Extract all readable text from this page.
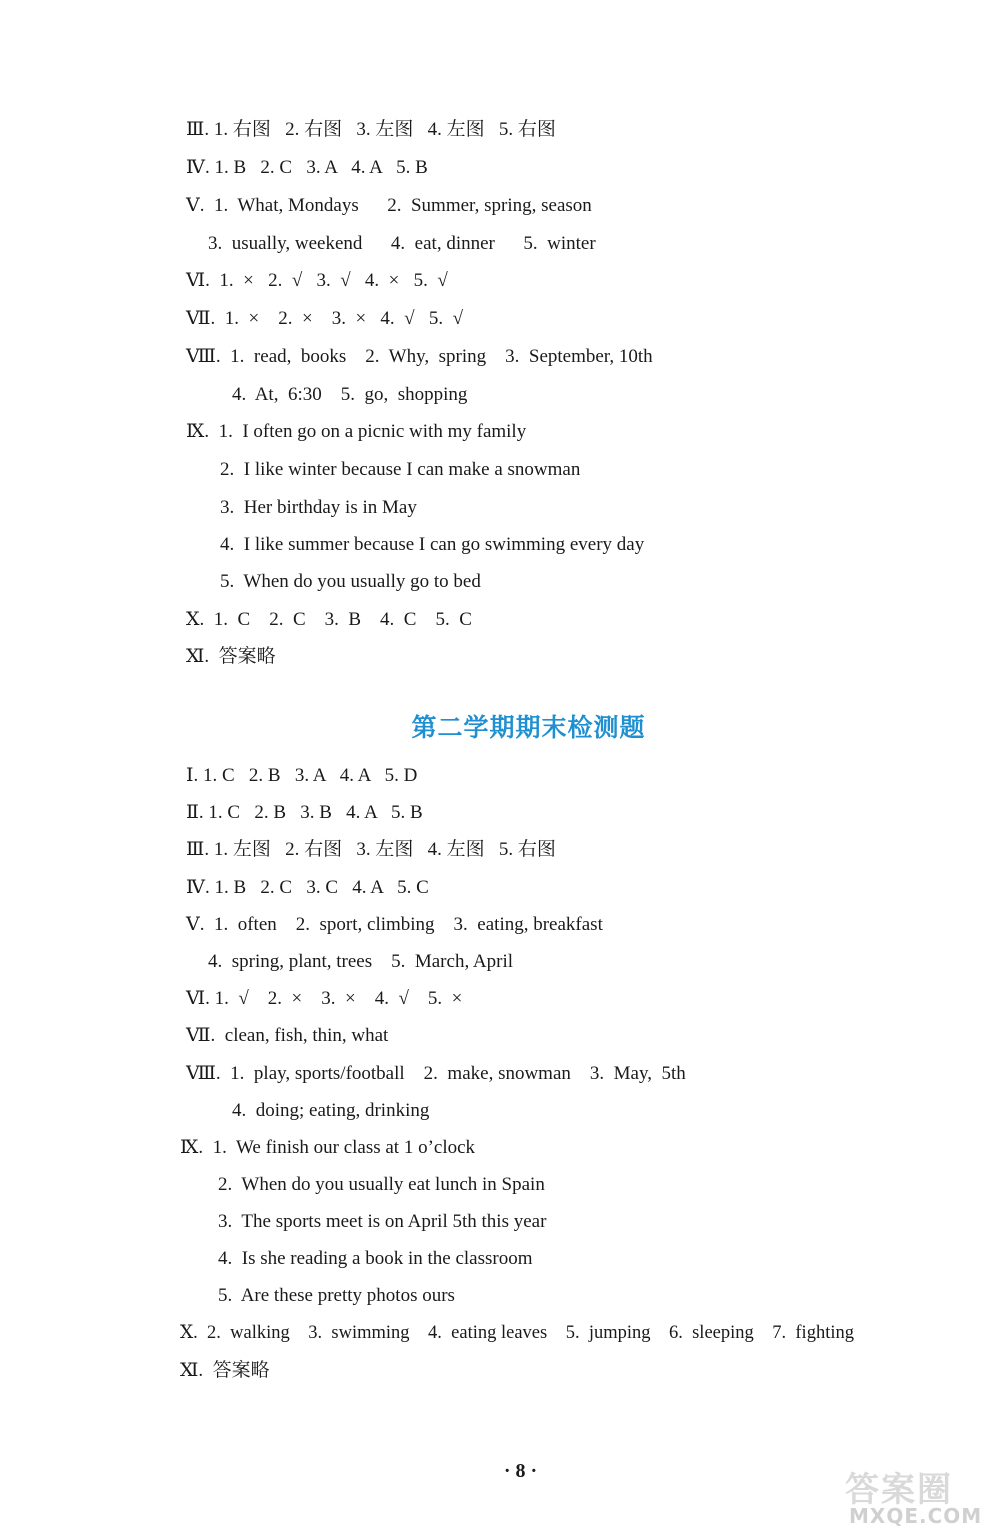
Ⅲ. 1. 右图   2. 右图   3. 左图   4. 左图   5. 右图
Ⅳ. 1. B   2. C   3. A   4. A   5. B
Ⅴ.  1.  What, Mondays      2.  Summer, spring, season
3.  usually, weekend      4.  eat, dinner      5.  winter
Ⅵ.  1.  ×   2.  √   3.  √   4.  ×   5.  √
Ⅶ.  1.  ×    2.  ×    3.  ×   4.  √   5.  √
Ⅷ.  1.  read,  books    2.  Why,  spring    3.  September, 10th
4.  At,  6:30    5.  go,  shopping
Ⅸ.  1.  I often go on a picnic with my family
2.  I like winter because I can make a snowman
3.  Her birthday is in May
4.  I like summer because I can go swimming every day
5.  When do you usually go to bed
Ⅹ.  1.  C    2.  C    3.  B    4.  C    5.  C
Ⅺ.  答案略
第二学期期末检测题
Ⅰ. 1. C   2. B   3. A   4. A   5. D
Ⅱ. 1. C   2. B   3. B   4. A   5. B
Ⅲ. 1. 左图   2. 右图   3. 左图   4. 左图   5. 右图
Ⅳ. 1. B   2. C   3. C   4. A   5. C
Ⅴ.  1.  often    2.  sport, climbing    3.  eating, breakfast
4.  spring, plant, trees    5.  March, April
Ⅵ. 1.  √    2.  ×    3.  ×    4.  √    5.  ×
Ⅶ.  clean, fish, thin, what
Ⅷ.  1.  play, sports/football    2.  make, snowman    3.  May,  5th
4.  doing; eating, drinking
Ⅸ.  1.  We finish our class at 1 o’clock
2.  When do you usually eat lunch in Spain
3.  The sports meet is on April 5th this year
4.  Is she reading a book in the classroom
5.  Are these pretty photos ours
Ⅹ.  2.  walking    3.  swimming    4.  eating leaves    5.  jumping    6.  sleeping    7.  fighting
Ⅺ.  答案略
· 8 ·	答案圈
MXQE.COM
